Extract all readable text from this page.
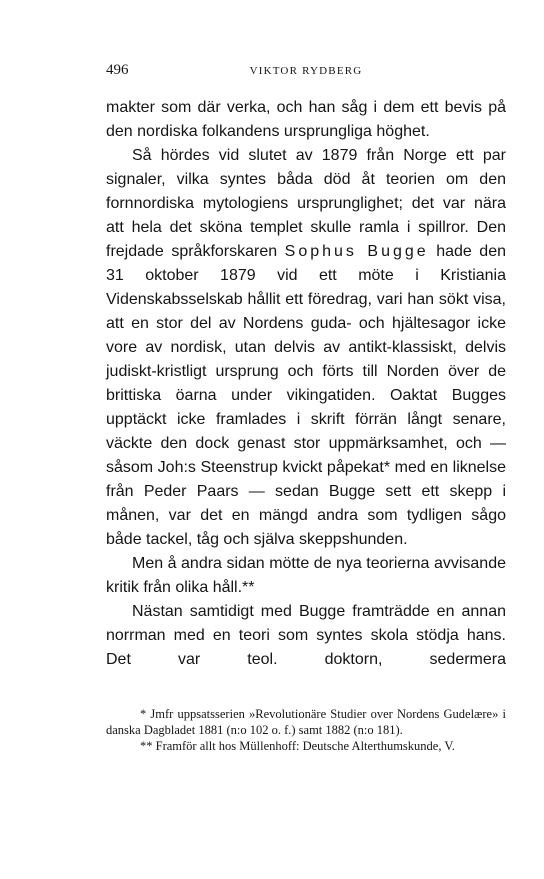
496	VIKTOR RYDBERG

makter som där verka, och han såg i dem ett bevis på den nordiska folkandens ursprungliga höghet.

Så hördes vid slutet av 1879 från Norge ett par signaler, vilka syntes båda död åt teorien om den fornnordiska mytologiens ursprunglighet; det var nära att hela det sköna templet skulle ramla i spillror. Den frejdade språkforskaren Sophus Bugge hade den 31 oktober 1879 vid ett möte i Kristiania Videnskabsselskab hållit ett föredrag, vari han sökt visa, att en stor del av Nordens guda- och hjältesagor icke vore av nordisk, utan delvis av antikt-klassiskt, delvis judiskt-kristligt ursprung och förts till Norden över de brittiska öarna under vikingatiden. Oaktat Bugges upptäckt icke framlades i skrift förrän långt senare, väckte den dock genast stor uppmärksamhet, och — såsom Joh:s Steenstrup kvickt påpekat* med en liknelse från Peder Paars — sedan Bugge sett ett skepp i månen, var det en mängd andra som tydligen sågo både tackel, tåg och själva skeppshunden.

Men å andra sidan mötte de nya teorierna avvisande kritik från olika håll.**

Nästan samtidigt med Bugge framträdde en annan norrman med en teori som syntes skola stödja hans. Det var teol. doktorn, sedermera

* Jmfr uppsatsserien »Revolutionäre Studier over Nordens Gudelære» i danska Dagbladet 1881 (n:o 102 o. f.) samt 1882 (n:o 181).

** Framför allt hos Müllenhoff: Deutsche Alterthumskunde, V.
